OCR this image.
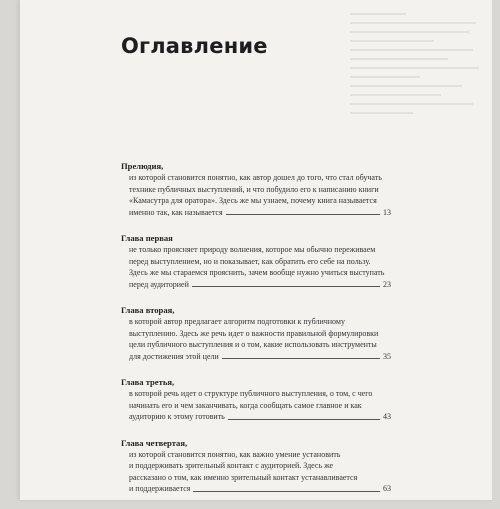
Оглавление
Прелюдия,
из которой становится понятно, как автор дошел до того, что стал обучать
технике публичных выступлений, и что побудило его к написанию книги
«Камасутра для оратора». Здесь же мы узнаем, почему книга называется
именно так, как называется	13
Глава первая
не только проясняет природу волнения, которое мы обычно переживаем
перед выступлением, но и показывает, как обратить его себе на пользу.
Здесь же мы стараемся прояснить, зачем вообще нужно учиться выступать
перед аудиторией	23
Глава вторая,
в которой автор предлагает алгоритм подготовки к публичному
выступлению. Здесь же речь идет о важности правильной формулировки
цели публичного выступления и о том, какие использовать инструменты
для достижения этой цели	35
Глава третья,
в которой речь идет о структуре публичного выступления, о том, с чего
начинать его и чем заканчивать, когда сообщать самое главное и как
аудиторию к этому готовить	43
Глава четвертая,
из которой становится понятно, как важно умение установить
и поддерживать зрительный контакт с аудиторией. Здесь же
рассказано о том, как именно зрительный контакт устанавливается
и поддерживается	63
